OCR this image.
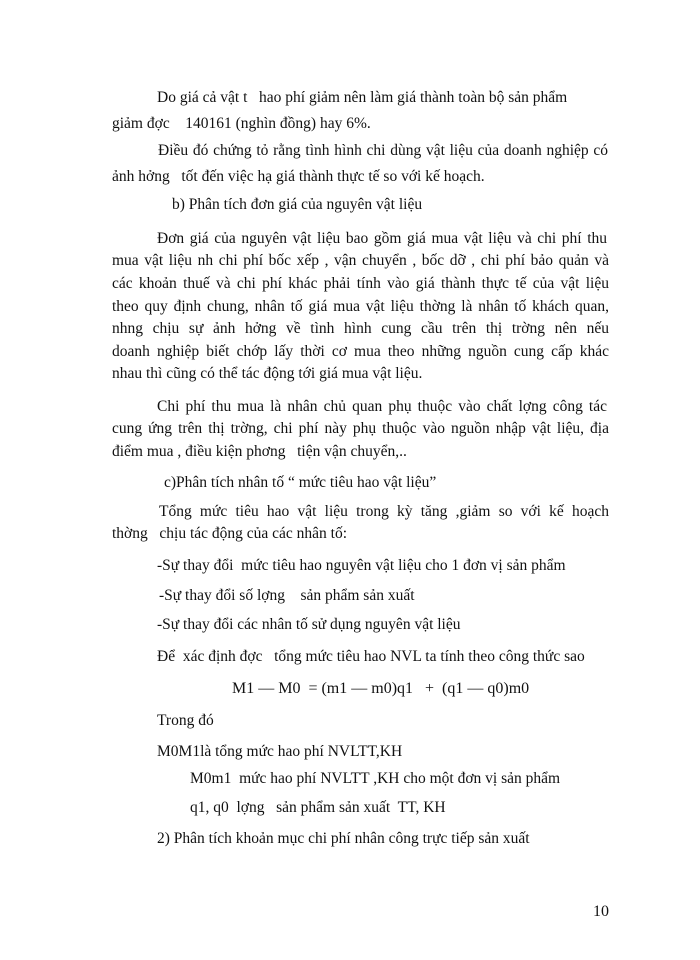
Do giá cả vật t   hao phí giảm nên làm giá thành toàn bộ sản phẩm
giảm đợc    140161 (nghìn đồng) hay 6%.
Điều đó chứng tỏ rằng tình hình chi dùng vật liệu của doanh nghiệp có
ảnh hởng   tốt đến việc hạ giá thành thực tế so với kế hoạch.
b) Phân tích đơn giá của nguyên vật liệu
Đơn giá của nguyên vật liệu bao gồm giá mua vật liệu và chi phí thu
mua vật liệu nh chi phí bốc xếp , vận chuyển , bốc dỡ , chi phí bảo quản và
các khoản thuế và chi phí khác phải tính vào giá thành thực tế của vật liệu
theo quy định chung, nhân tố giá mua vật liệu thờng là nhân tố khách quan,
nhng chịu sự ảnh hởng về tình hình cung cầu trên thị trờng nên nếu
doanh nghiệp biết chớp lấy thời cơ mua theo những nguồn cung cấp khác
nhau thì cũng có thể tác động tới giá mua vật liệu.
Chi phí thu mua là nhân chủ quan phụ thuộc vào chất lợng công tác
cung ứng trên thị trờng, chi phí này phụ thuộc vào nguồn nhập vật liệu, địa
điểm mua , điều kiện phơng   tiện vận chuyển,..
c)Phân tích nhân tố “ mức tiêu hao vật liệu”
Tổng mức tiêu hao vật liệu trong kỳ tăng ,giảm so với kế hoạch
thờng   chịu tác động của các nhân tố:
-Sự thay đổi  mức tiêu hao nguyên vật liệu cho 1 đơn vị sản phẩm
-Sự thay đổi số lợng    sản phẩm sản xuất
-Sự thay đổi các nhân tố sử dụng nguyên vật liệu
Để  xác định đợc   tổng mức tiêu hao NVL ta tính theo công thức sao
M1 — M0  = (m1 — m0)q1   +  (q1 — q0)m0
Trong đó
M0M1là tổng mức hao phí NVLTT,KH
M0m1  mức hao phí NVLTT ,KH cho một đơn vị sản phẩm
q1, q0  lợng   sản phẩm sản xuất  TT, KH
2) Phân tích khoản mục chi phí nhân công trực tiếp sản xuất
10
